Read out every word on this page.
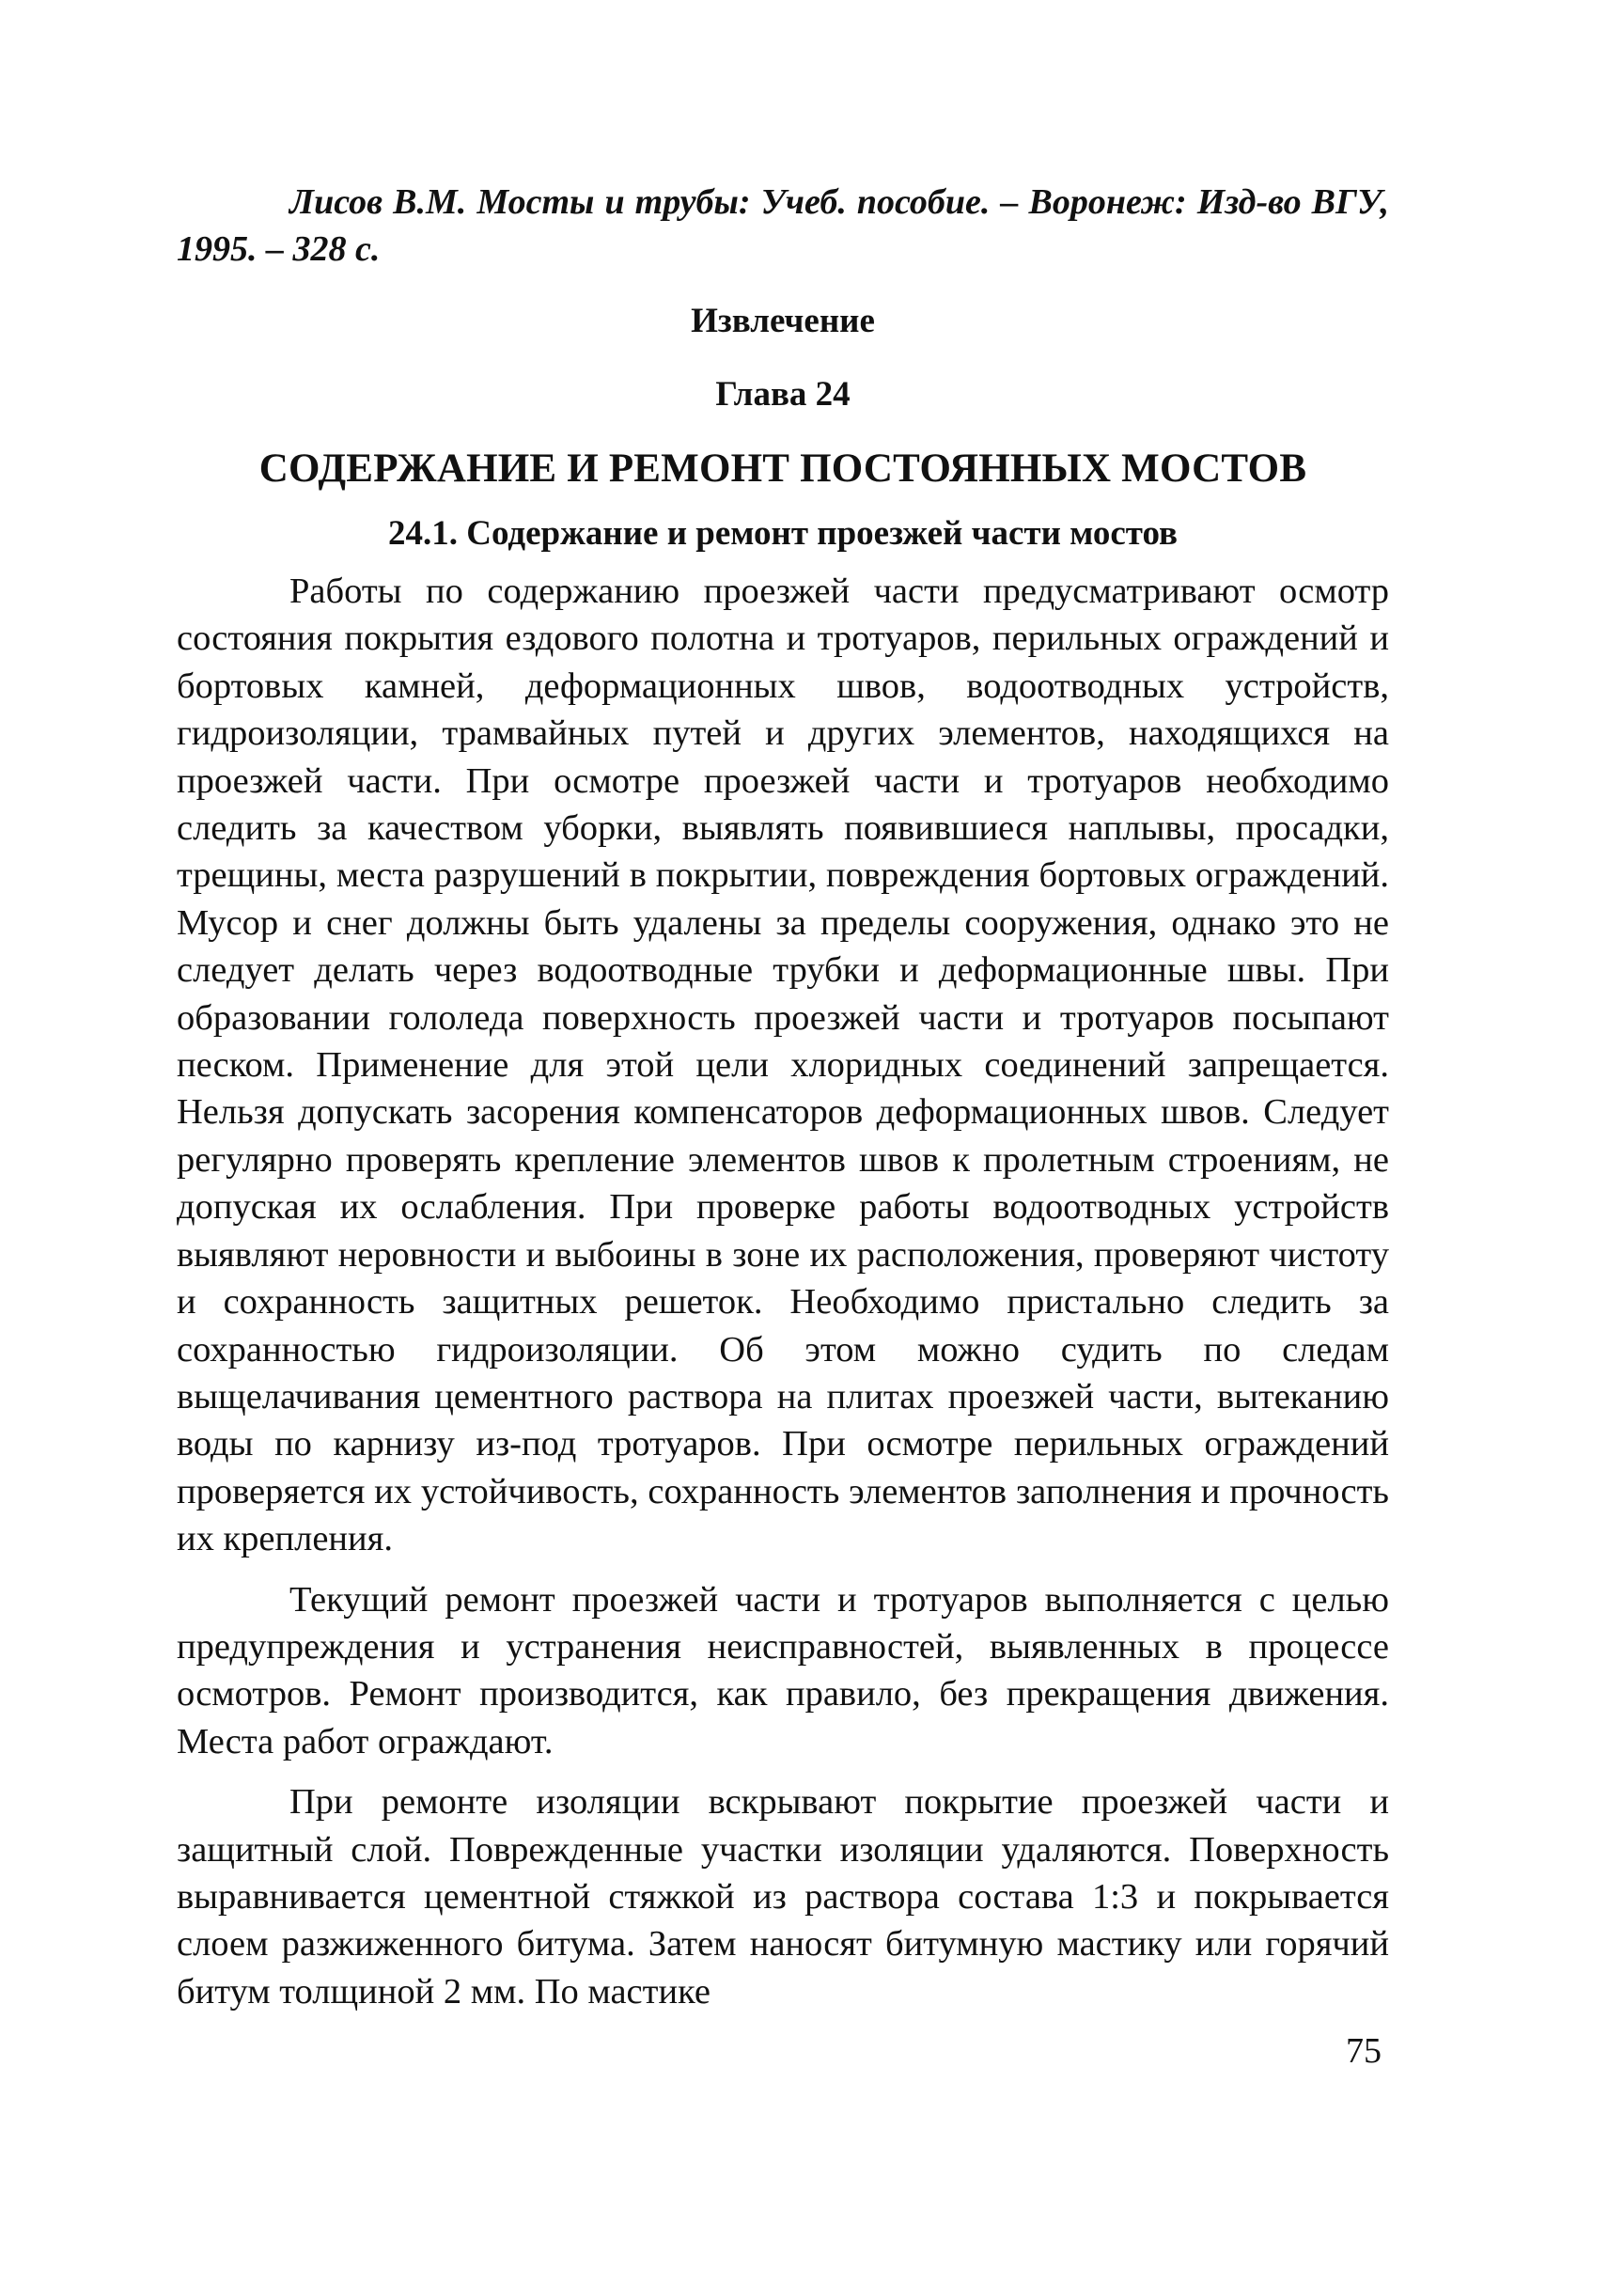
Лисов В.М. Мосты и трубы: Учеб. пособие. – Воронеж: Изд-во ВГУ, 1995. – 328 с.

Извлечение

Глава 24

СОДЕРЖАНИЕ И РЕМОНТ ПОСТОЯННЫХ МОСТОВ
24.1. Содержание и ремонт проезжей части мостов

Работы по содержанию проезжей части предусматривают осмотр состояния покрытия ездового полотна и тротуаров, перильных ограждений и бортовых камней, деформационных швов, водоотводных устройств, гидроизоляции, трамвайных путей и других элементов, находящихся на проезжей части. При осмотре проезжей части и тротуаров необходимо следить за качеством уборки, выявлять появившиеся наплывы, просадки, трещины, места разрушений в покрытии, повреждения бортовых ограждений. Мусор и снег должны быть удалены за пределы сооружения, однако это не следует делать через водоотводные трубки и деформационные швы. При образовании гололеда поверхность проезжей части и тротуаров посыпают песком. Применение для этой цели хлоридных соединений запрещается. Нельзя допускать засорения компенсаторов деформационных швов. Следует регулярно проверять крепление элементов швов к пролетным строениям, не допуская их ослабления. При проверке работы водоотводных устройств выявляют неровности и выбоины в зоне их расположения, проверяют чистоту и сохранность защитных решеток. Необходимо пристально следить за сохранностью гидроизоляции. Об этом можно судить по следам выщелачивания цементного раствора на плитах проезжей части, вытеканию воды по карнизу из-под тротуаров. При осмотре перильных ограждений проверяется их устойчивость, сохранность элементов заполнения и прочность их крепления.

Текущий ремонт проезжей части и тротуаров выполняется с целью предупреждения и устранения неисправностей, выявленных в процессе осмотров. Ремонт производится, как правило, без прекращения движения. Места работ ограждают.

При ремонте изоляции вскрывают покрытие проезжей части и защитный слой. Поврежденные участки изоляции удаляются. Поверхность выравнивается цементной стяжкой из раствора состава 1:3 и покрывается слоем разжиженного битума. Затем наносят битумную мастику или горячий битум толщиной 2 мм. По мастике

75
